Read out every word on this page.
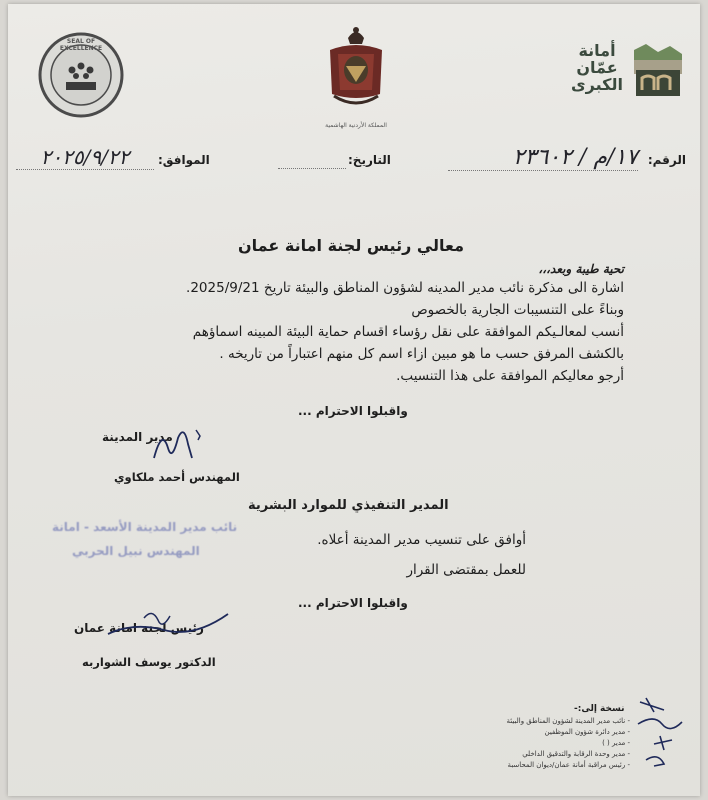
أمانة
عمّان
الكبرى
المملكة الأردنية الهاشمية
SEAL OF EXCELLENCE
الرقم:
١٧/م / ٢٣٦٠٢
التاريخ:
الموافق:
٢٠٢٥/٩/٢٢
معالي رئيس لجنة امانة عمان
تحية طيبة وبعد،،،
اشارة الى مذكرة نائب مدير المدينه لشؤون المناطق والبيئة تاريخ 2025/9/21.
وبناءً على التنسيبات الجارية بالخصوص
أنسب لمعالـيكم الموافقة على نقل رؤساء اقسام حماية البيئة المبينه اسماؤهم
بالكشف المرفق حسب ما هو مبين ازاء اسم كل منهم اعتباراً من تاريخه .
أرجو معاليكم الموافقة على هذا التنسيب.
واقبلوا الاحترام ...
مدير المدينة
المهندس أحمد ملكاوي
المدير التنفيذي للموارد البشرية
نائب مدير المدينة الأسعد - امانة
المهندس نبيل الحربي
أوافق على تنسيب مدير المدينة أعلاه.
للعمل بمقتضى القرار
واقبلوا الاحترام ...
رئيس لجنة امانة عمان
الدكتور يوسف الشواربه
نسخة إلى:-
- نائب مدير المدينة لشؤون المناطق والبيئة
- مدير دائرة شؤون الموظفين
- مدير ( )
- مدير وحدة الرقابة والتدقيق الداخلي
- رئيس مراقبة أمانة عمان/ديوان المحاسبة
